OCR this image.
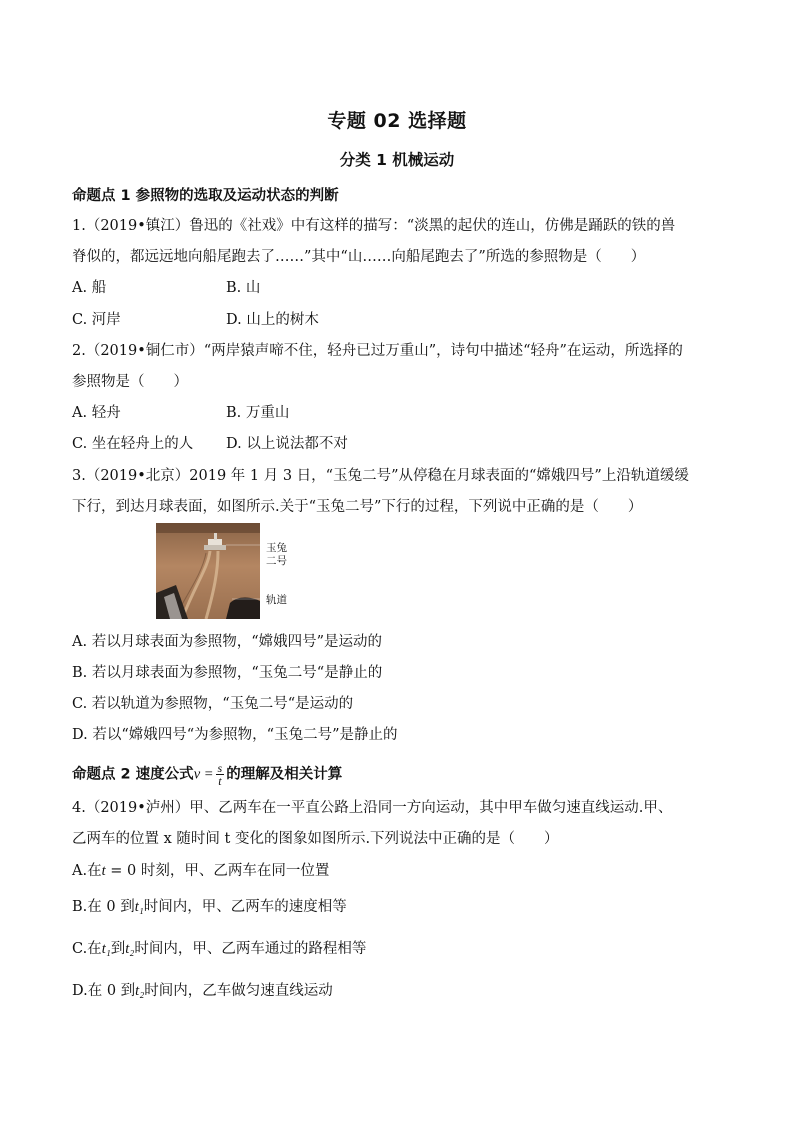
专题 02 选择题
分类 1 机械运动
命题点 1 参照物的选取及运动状态的判断
1.（2019•镇江）鲁迅的《社戏》中有这样的描写：“淡黑的起伏的连山，仿佛是踊跃的铁的兽
脊似的，都远远地向船尾跑去了……”其中“山……向船尾跑去了”所选的参照物是（　　）
A. 船	B. 山
C. 河岸	D. 山上的树木
2.（2019•铜仁市）“两岸猿声啼不住，轻舟已过万重山”，诗句中描述“轻舟”在运动，所选择的
参照物是（　　）
A. 轻舟	B. 万重山
C. 坐在轻舟上的人 D. 以上说法都不对
3.（2019•北京）2019 年 1 月 3 日，“玉兔二号”从停稳在月球表面的“嫦娥四号”上沿轨道缓缓
下行，到达月球表面，如图所示.关于“玉兔二号”下行的过程，下列说中正确的是（　　）
玉兔
二号
轨道
A. 若以月球表面为参照物，“嫦娥四号”是运动的
B. 若以月球表面为参照物，“玉兔二号“是静止的
C. 若以轨道为参照物，“玉兔二号“是运动的
D. 若以“嫦娥四号“为参照物，“玉兔二号”是静止的
命题点 2 速度公式$v = \frac{s}{t}$ 的理解及相关计算
4.（2019•泸州）甲、乙两车在一平直公路上沿同一方向运动，其中甲车做匀速直线运动.甲、
乙两车的位置 x 随时间 t 变化的图象如图所示.下列说法中正确的是（　　）
A.在t = 0 时刻，甲、乙两车在同一位置
B.在 0 到t₁时间内，甲、乙两车的速度相等
C.在t₁到t₂时间内，甲、乙两车通过的路程相等
D.在 0 到t₂时间内，乙车做匀速直线运动
